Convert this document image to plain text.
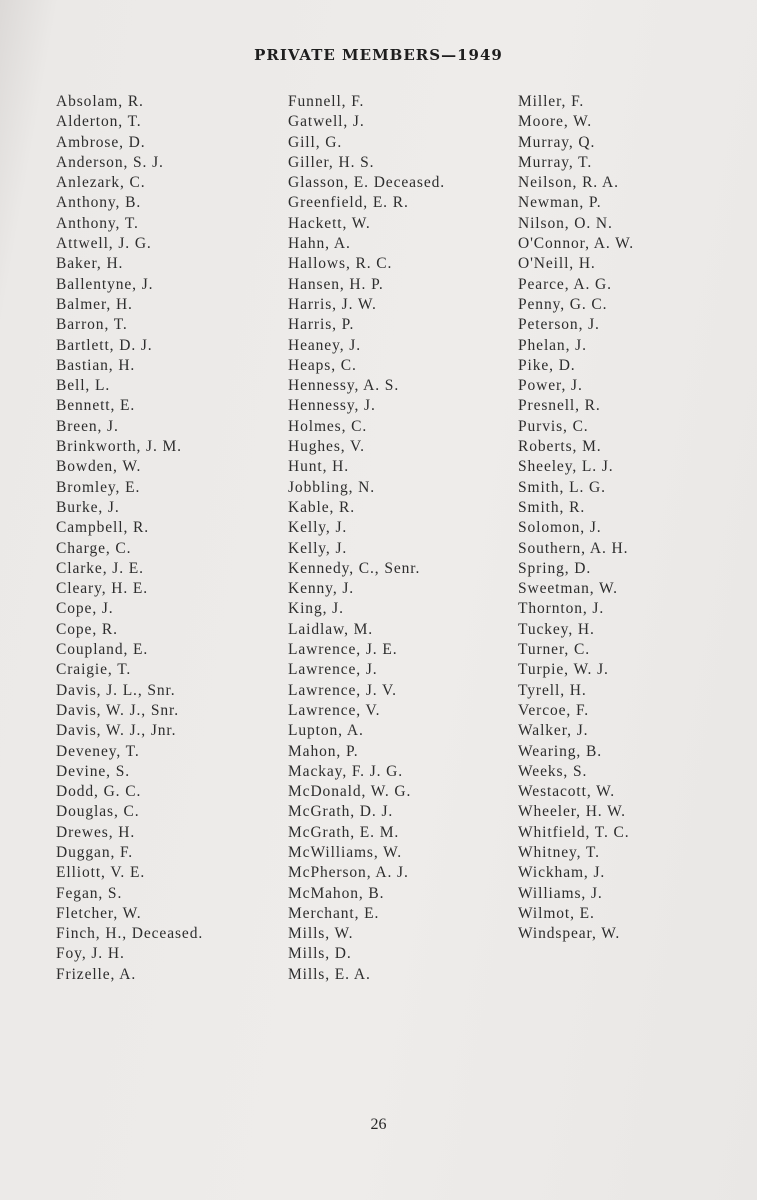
PRIVATE MEMBERS—1949
Absolam, R.
Alderton, T.
Ambrose, D.
Anderson, S. J.
Anlezark, C.
Anthony, B.
Anthony, T.
Attwell, J. G.
Baker, H.
Ballentyne, J.
Balmer, H.
Barron, T.
Bartlett, D. J.
Bastian, H.
Bell, L.
Bennett, E.
Breen, J.
Brinkworth, J. M.
Bowden, W.
Bromley, E.
Burke, J.
Campbell, R.
Charge, C.
Clarke, J. E.
Cleary, H. E.
Cope, J.
Cope, R.
Coupland, E.
Craigie, T.
Davis, J. L., Snr.
Davis, W. J., Snr.
Davis, W. J., Jnr.
Deveney, T.
Devine, S.
Dodd, G. C.
Douglas, C.
Drewes, H.
Duggan, F.
Elliott, V. E.
Fegan, S.
Fletcher, W.
Finch, H., Deceased.
Foy, J. H.
Frizelle, A.
Funnell, F.
Gatwell, J.
Gill, G.
Giller, H. S.
Glasson, E. Deceased.
Greenfield, E. R.
Hackett, W.
Hahn, A.
Hallows, R. C.
Hansen, H. P.
Harris, J. W.
Harris, P.
Heaney, J.
Heaps, C.
Hennessy, A. S.
Hennessy, J.
Holmes, C.
Hughes, V.
Hunt, H.
Jobbling, N.
Kable, R.
Kelly, J.
Kelly, J.
Kennedy, C., Senr.
Kenny, J.
King, J.
Laidlaw, M.
Lawrence, J. E.
Lawrence, J.
Lawrence, J. V.
Lawrence, V.
Lupton, A.
Mahon, P.
Mackay, F. J. G.
McDonald, W. G.
McGrath, D. J.
McGrath, E. M.
McWilliams, W.
McPherson, A. J.
McMahon, B.
Merchant, E.
Mills, W.
Mills, D.
Mills, E. A.
Miller, F.
Moore, W.
Murray, Q.
Murray, T.
Neilson, R. A.
Newman, P.
Nilson, O. N.
O'Connor, A. W.
O'Neill, H.
Pearce, A. G.
Penny, G. C.
Peterson, J.
Phelan, J.
Pike, D.
Power, J.
Presnell, R.
Purvis, C.
Roberts, M.
Sheeley, L. J.
Smith, L. G.
Smith, R.
Solomon, J.
Southern, A. H.
Spring, D.
Sweetman, W.
Thornton, J.
Tuckey, H.
Turner, C.
Turpie, W. J.
Tyrell, H.
Vercoe, F.
Walker, J.
Wearing, B.
Weeks, S.
Westacott, W.
Wheeler, H. W.
Whitfield, T. C.
Whitney, T.
Wickham, J.
Williams, J.
Wilmot, E.
Windspear, W.
26
